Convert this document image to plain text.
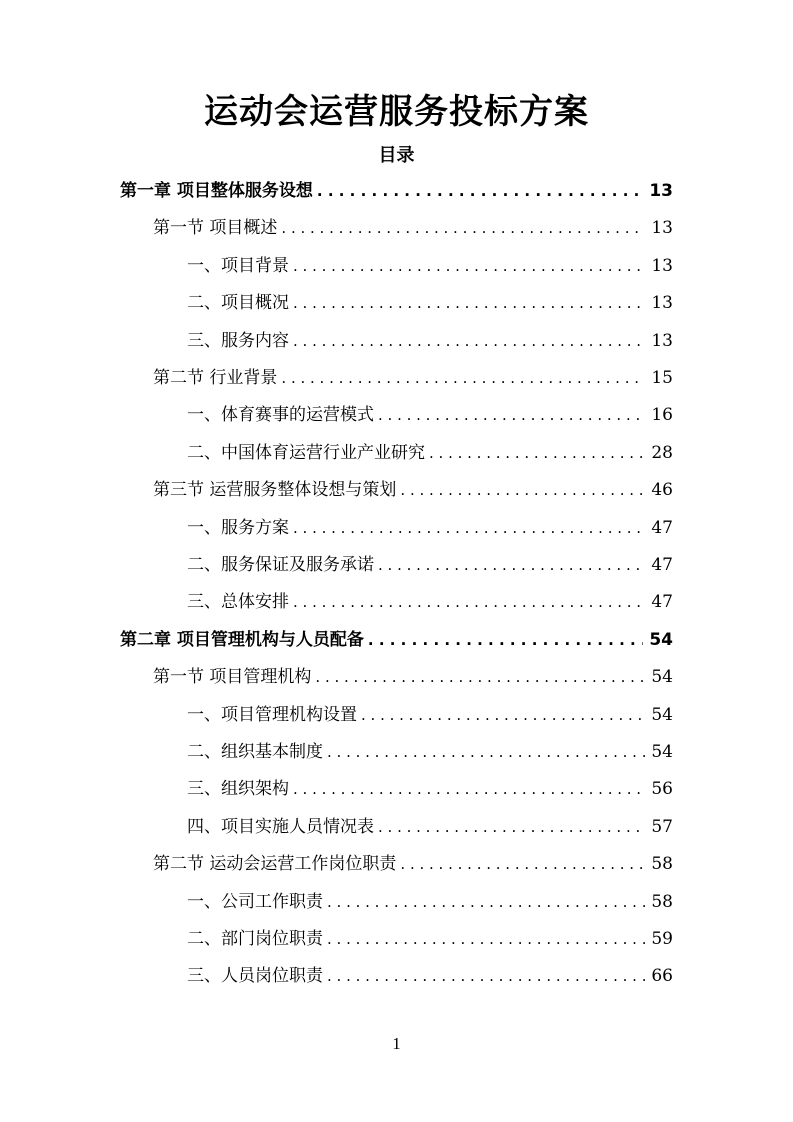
运动会运营服务投标方案
目录
第一章 项目整体服务设想 . . .	13
第一节 项目概述 . . .	13
一、项目背景 . . .	13
二、项目概况 . . .	13
三、服务内容 . . .	13
第二节 行业背景 . . .	15
一、体育赛事的运营模式 . . .	16
二、中国体育运营行业产业研究 . . .	28
第三节 运营服务整体设想与策划 . . .	46
一、服务方案 . . .	47
二、服务保证及服务承诺 . . .	47
三、总体安排 . . .	47
第二章 项目管理机构与人员配备 . . .	54
第一节 项目管理机构 . . .	54
一、项目管理机构设置 . . .	54
二、组织基本制度 . . .	54
三、组织架构 . . .	56
四、项目实施人员情况表 . . .	57
第二节 运动会运营工作岗位职责 . . .	58
一、公司工作职责 . . .	58
二、部门岗位职责 . . .	59
三、人员岗位职责 . . .	66
1
